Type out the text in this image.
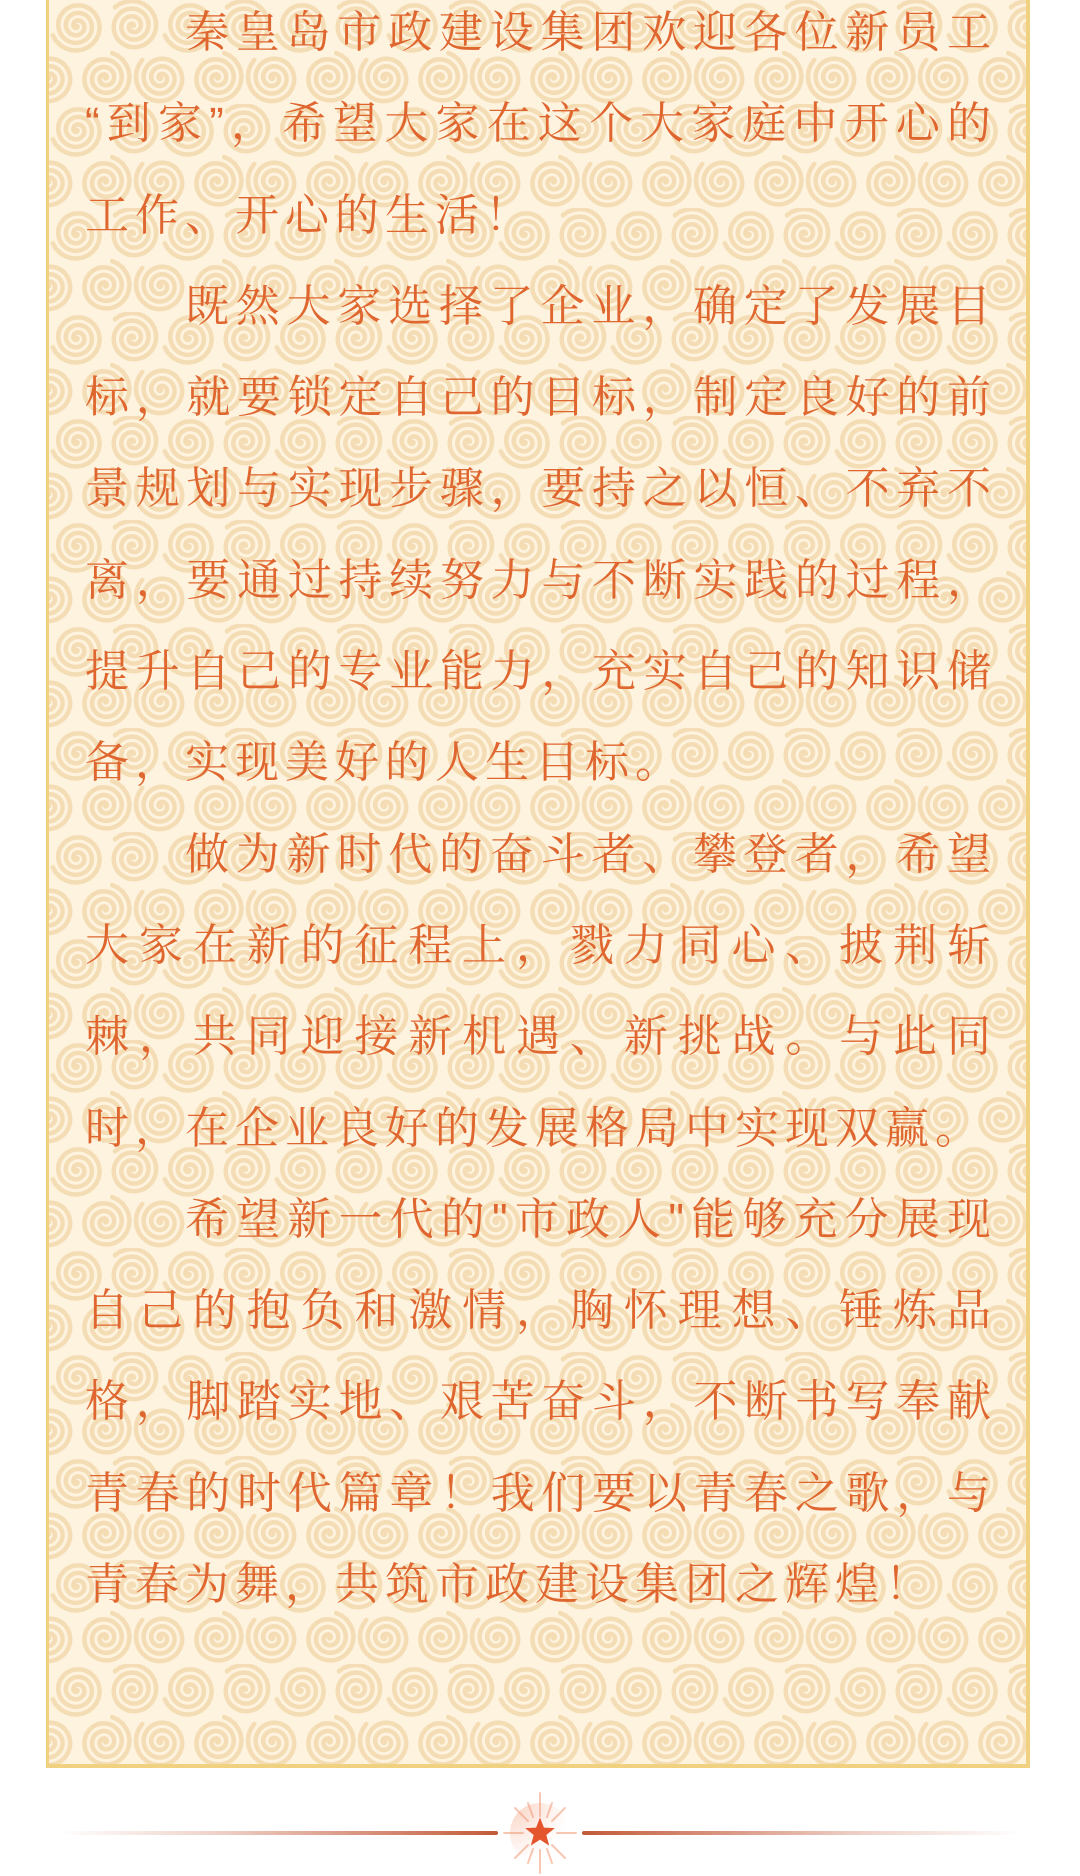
秦皇岛市政建设集团欢迎各位新员工“到家”，希望大家在这个大家庭中开心的工作、开心的生活！

既然大家选择了企业，确定了发展目标，就要锁定自己的目标，制定良好的前景规划与实现步骤，要持之以恒、不弃不离，要通过持续努力与不断实践的过程，提升自己的专业能力，充实自己的知识储备，实现美好的人生目标。

做为新时代的奋斗者、攀登者，希望大家在新的征程上，戮力同心、披荆斩棘，共同迎接新机遇、新挑战。与此同时，在企业良好的发展格局中实现双赢。

希望新一代的"市政人"能够充分展现自己的抱负和激情，胸怀理想、锤炼品格，脚踏实地、艰苦奋斗，不断书写奉献青春的时代篇章！我们要以青春之歌，与青春为舞，共筑市政建设集团之辉煌！
